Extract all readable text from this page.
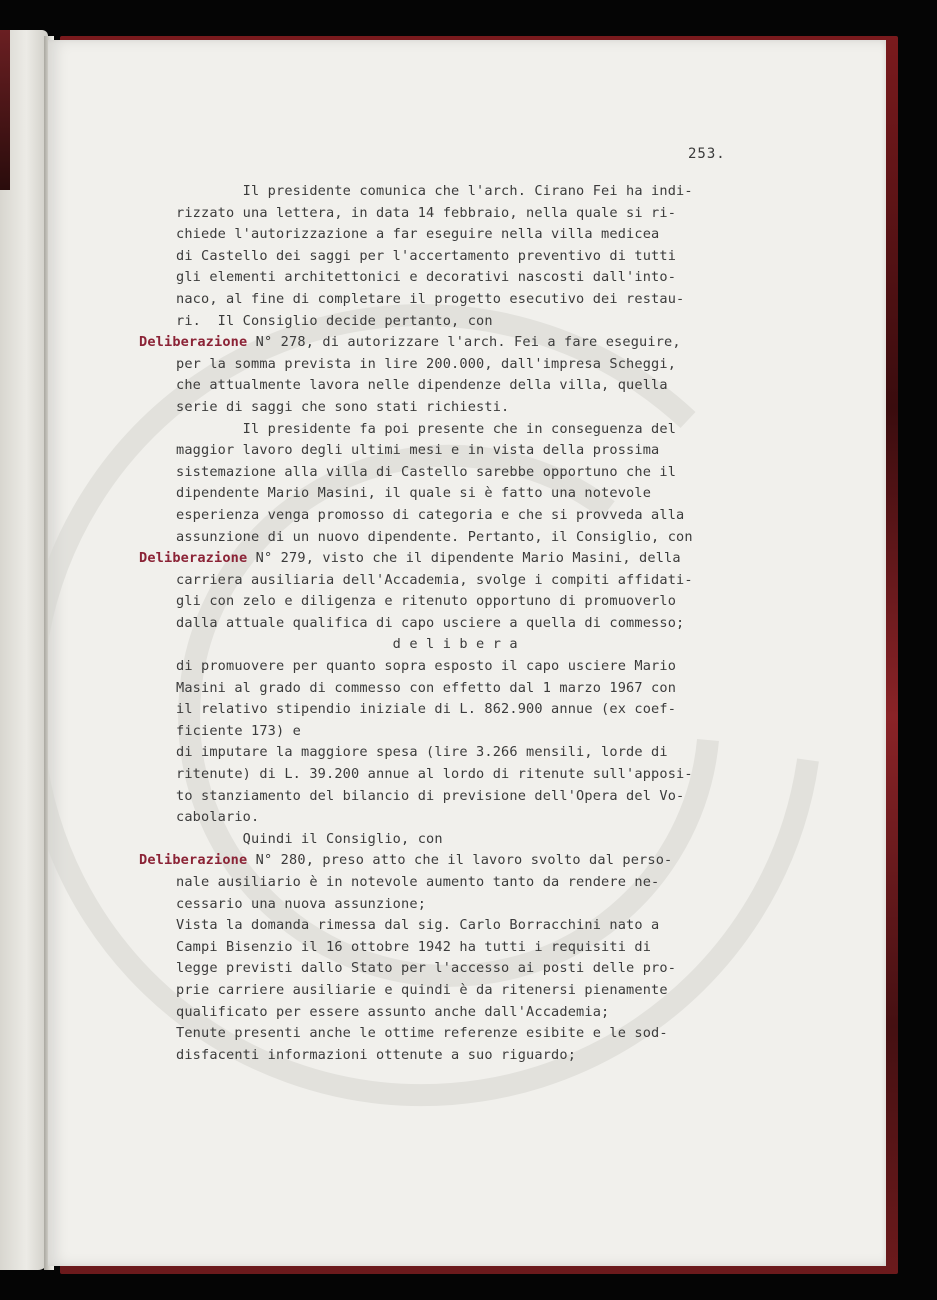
253.
Il presidente comunica che l'arch. Cirano Fei ha indi-
rizzato una lettera, in data 14 febbraio, nella quale si ri-
chiede l'autorizzazione a far eseguire nella villa medicea
di Castello dei saggi per l'accertamento preventivo di tutti
gli elementi architettonici e decorativi nascosti dall'into-
naco, al fine di completare il progetto esecutivo dei restau-
ri.  Il Consiglio decide pertanto, con
Deliberazione N° 278, di autorizzare l'arch. Fei a fare eseguire,
per la somma prevista in lire 200.000, dall'impresa Scheggi,
che attualmente lavora nelle dipendenze della villa, quella
serie di saggi che sono stati richiesti.
Il presidente fa poi presente che in conseguenza del
maggior lavoro degli ultimi mesi e in vista della prossima
sistemazione alla villa di Castello sarebbe opportuno che il
dipendente Mario Masini, il quale si è fatto una notevole
esperienza venga promosso di categoria e che si provveda alla
assunzione di un nuovo dipendente. Pertanto, il Consiglio, con
Deliberazione N° 279, visto che il dipendente Mario Masini, della
carriera ausiliaria dell'Accademia, svolge i compiti affidati-
gli con zelo e diligenza e ritenuto opportuno di promuoverlo
dalla attuale qualifica di capo usciere a quella di commesso;
d e l i b e r a
di promuovere per quanto sopra esposto il capo usciere Mario
Masini al grado di commesso con effetto dal 1 marzo 1967 con
il relativo stipendio iniziale di L. 862.900 annue (ex coef-
ficiente 173) e
di imputare la maggiore spesa (lire 3.266 mensili, lorde di
ritenute) di L. 39.200 annue al lordo di ritenute sull'apposi-
to stanziamento del bilancio di previsione dell'Opera del Vo-
cabolario.
Quindi il Consiglio, con
Deliberazione N° 280, preso atto che il lavoro svolto dal perso-
nale ausiliario è in notevole aumento tanto da rendere ne-
cessario una nuova assunzione;
Vista la domanda rimessa dal sig. Carlo Borracchini nato a
Campi Bisenzio il 16 ottobre 1942 ha tutti i requisiti di
legge previsti dallo Stato per l'accesso ai posti delle pro-
prie carriere ausiliarie e quindi è da ritenersi pienamente
qualificato per essere assunto anche dall'Accademia;
Tenute presenti anche le ottime referenze esibite e le sod-
disfacenti informazioni ottenute a suo riguardo;
